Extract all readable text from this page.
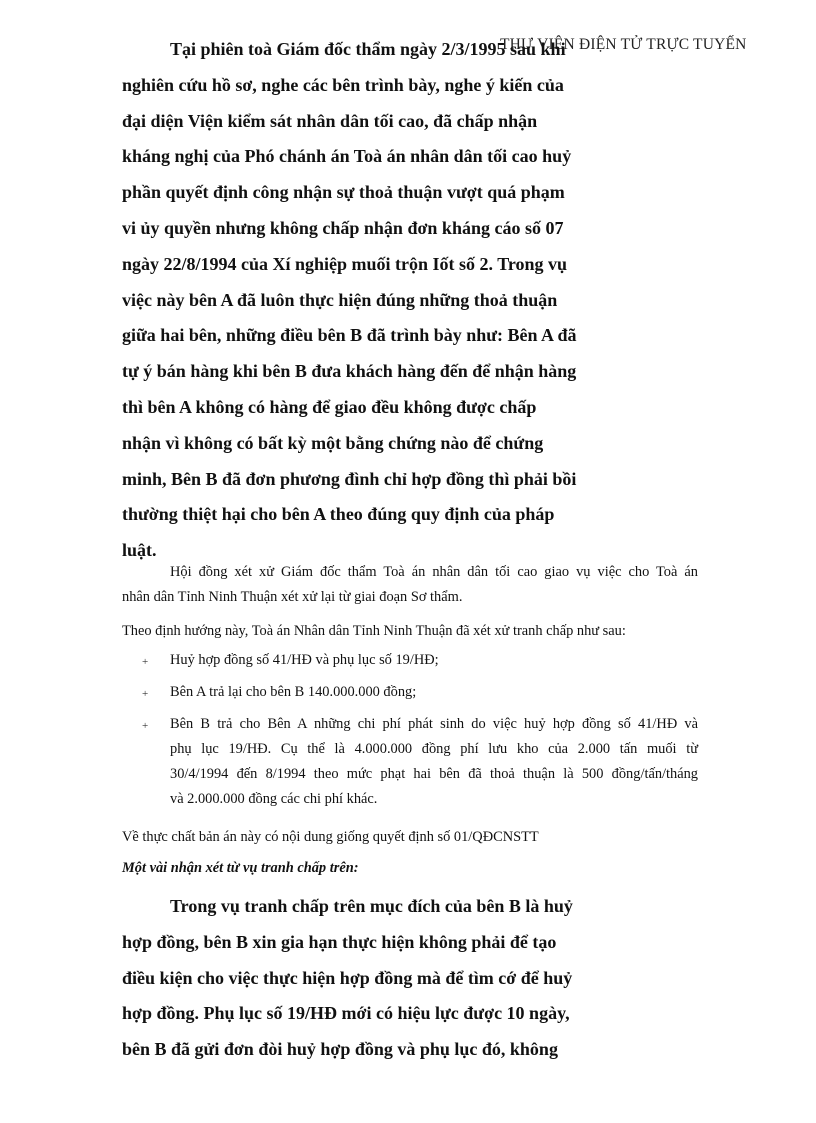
THƯ VIỆN ĐIỆN TỬ TRỰC TUYẾN
Tại phiên toà Giám đốc thẩm ngày 2/3/1995 sau khi
nghiên cứu hồ sơ, nghe các bên trình bày, nghe ý kiến của
đại diện Viện kiểm sát nhân dân tối cao, đã chấp nhận
kháng nghị của Phó chánh án Toà án nhân dân tối cao huỷ
phần quyết định công nhận sự thoả thuận vượt quá phạm
vi ủy quyền nhưng không chấp nhận đơn kháng cáo số 07
ngày 22/8/1994 của Xí nghiệp muối trộn Iốt số 2. Trong vụ
việc này bên A đã luôn thực hiện đúng những thoả thuận
giữa hai bên, những điều bên B đã trình bày như: Bên A đã
tự ý bán hàng khi bên B đưa khách hàng đến để nhận hàng
thì bên A không có hàng để giao đều không được chấp
nhận vì không có bất kỳ một bằng chứng nào để chứng
minh, Bên B đã đơn phương đình chỉ hợp đồng thì phải bồi
thường thiệt hại cho bên A theo đúng quy định của pháp
luật.
Hội đồng xét xử Giám đốc thẩm Toà án nhân dân tối cao giao vụ việc cho Toà án
nhân dân Tỉnh Ninh Thuận xét xử lại từ giai đoạn Sơ thẩm.
Theo định hướng này, Toà án Nhân dân Tỉnh Ninh Thuận đã xét xử tranh chấp như sau:
+ Huỷ hợp đồng số 41/HĐ và phụ lục số 19/HĐ;
+ Bên A trả lại cho bên B 140.000.000 đồng;
+ Bên B trả cho Bên A những chi phí phát sinh do việc huỷ hợp đồng số 41/HĐ và
phụ lục 19/HĐ. Cụ thể là 4.000.000 đồng phí lưu kho của 2.000 tấn muối từ
30/4/1994 đến 8/1994 theo mức phạt hai bên đã thoả thuận là 500 đồng/tấn/tháng
và 2.000.000 đồng các chi phí khác.
Về thực chất bản án này có nội dung giống quyết định số 01/QĐCNSTT
Một vài nhận xét từ vụ tranh chấp trên:
Trong vụ tranh chấp trên mục đích của bên B là huỷ
hợp đồng, bên B xin gia hạn thực hiện không phải để tạo
điều kiện cho việc thực hiện hợp đồng mà để tìm cớ để huỷ
hợp đồng. Phụ lục số 19/HĐ mới có hiệu lực được 10 ngày,
bên B đã gửi đơn đòi huỷ hợp đồng và phụ lục đó, không
